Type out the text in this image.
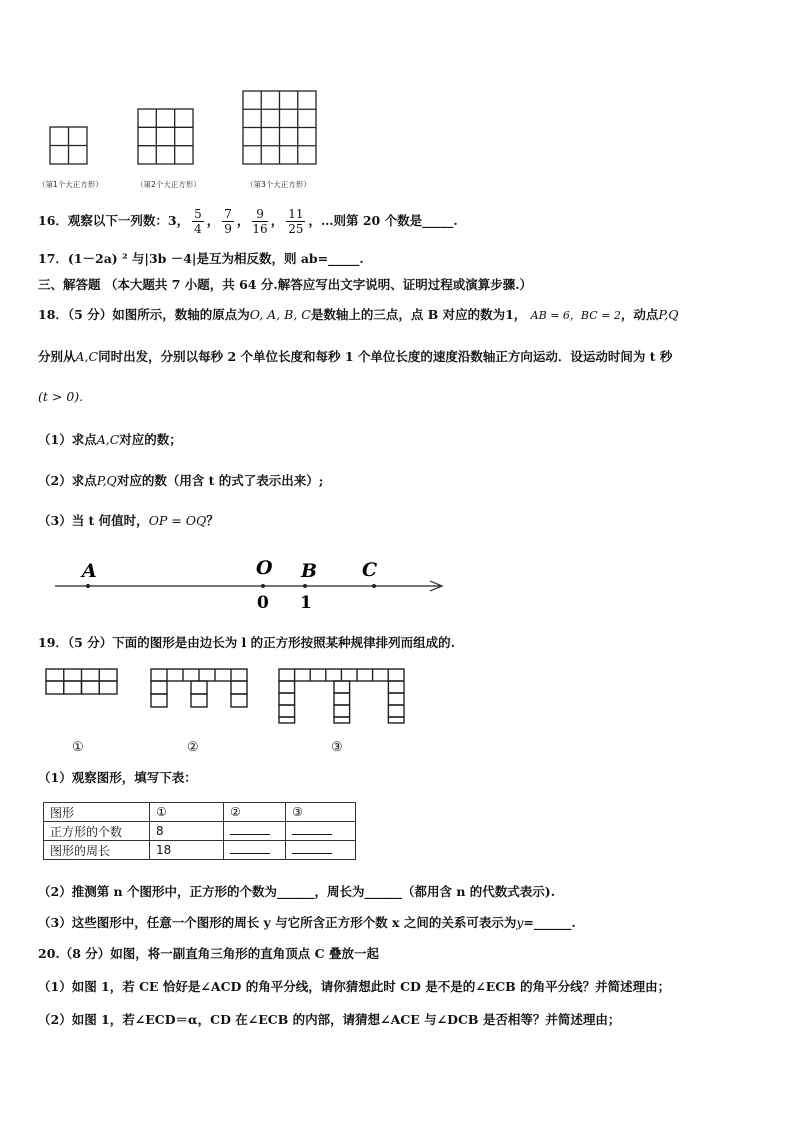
（第1个大正方形）	（第2个大正方形）	（第3个大正方形）
16．观察以下一列数：3， $\frac{5}{4}$ ， $\frac{7}{9}$ ， $\frac{9}{16}$ ， $\frac{11}{25}$ ，…则第 20 个数是_____.
17．(1－2a) ² 与|3b －4|是互为相反数，则 ab=_____.
三、解答题 （本大题共 7 小题，共 64 分.解答应写出文字说明、证明过程或演算步骤.）
18．（5 分）如图所示，数轴的原点为O, A, B, C是数轴上的三点，点 B 对应的数为1， AB = 6，BC = 2，动点P,Q
分别从A,C同时出发，分别以每秒 2 个单位长度和每秒 1 个单位长度的速度沿数轴正方向运动．设运动时间为 t 秒
(t > 0).
（1）求点A,C对应的数；
（2）求点P,Q对应的数（用含 t 的式了表示出来）;
（3）当 t 何值时，OP = OQ？
A	O B C
0 1
19．（5 分）下面的图形是由边长为 l 的正方形按照某种规律排列而组成的.
①	②	③
（1）观察图形，填写下表：
图形	①	②	③
正方形的个数	8		
图形的周长	18		
（2）推测第 n 个图形中，正方形的个数为______，周长为______（都用含 n 的代数式表示).
（3）这些图形中，任意一个图形的周长 y 与它所含正方形个数 x 之间的关系可表示为y=______.
20.（8 分）如图，将一副直角三角形的直角顶点 C 叠放一起
（1）如图 1，若 CE 恰好是∠ACD 的角平分线，请你猜想此时 CD 是不是的∠ECB 的角平分线？并简述理由；
（2）如图 1，若∠ECD＝α，CD 在∠ECB 的内部，请猜想∠ACE 与∠DCB 是否相等？并简述理由；
